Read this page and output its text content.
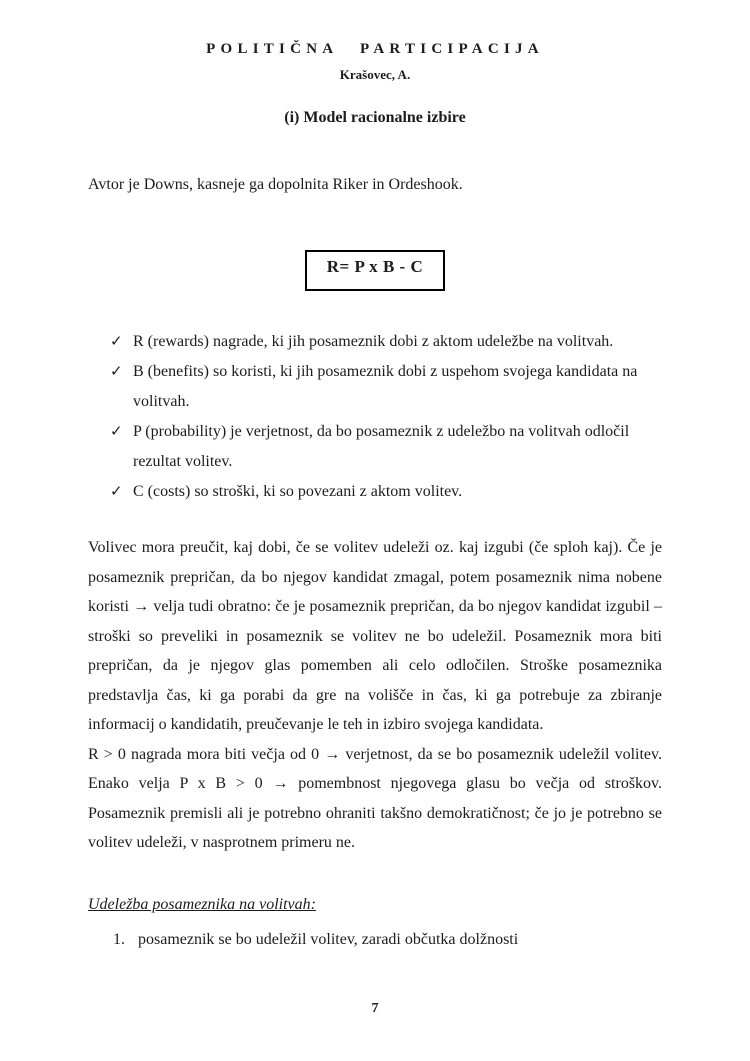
POLITIČNA PARTICIPACIJA
Krašovec, A.
(i) Model racionalne izbire

Avtor je Downs, kasneje ga dopolnita Riker in Ordeshook.

R= P x B - C
✓ R (rewards) nagrade, ki jih posameznik dobi z aktom udeležbe na volitvah.
✓ B (benefits) so koristi, ki jih posameznik dobi z uspehom svojega kandidata na volitvah.
✓ P (probability) je verjetnost, da bo posameznik z udeležbo na volitvah odločil rezultat volitev.
✓ C (costs) so stroški, ki so povezani z aktom volitev.

Volivec mora preučit, kaj dobi, če se volitev udeleži oz. kaj izgubi (če sploh kaj). Če je posameznik prepričan, da bo njegov kandidat zmagal, potem posameznik nima nobene koristi → velja tudi obratno: če je posameznik prepričan, da bo njegov kandidat izgubil – stroški so preveliki in posameznik se volitev ne bo udeležil. Posameznik mora biti prepričan, da je njegov glas pomemben ali celo odločilen. Stroške posameznika predstavlja čas, ki ga porabi da gre na volišče in čas, ki ga potrebuje za zbiranje informacij o kandidatih, preučevanje le teh in izbiro svojega kandidata.

R > 0 nagrada mora biti večja od 0 → verjetnost, da se bo posameznik udeležil volitev. Enako velja P x B > 0 → pomembnost njegovega glasu bo večja od stroškov. Posameznik premisli ali je potrebno ohraniti takšno demokratičnost; če jo je potrebno se volitev udeleži, v nasprotnem primeru ne.

Udeležba posameznika na volitvah:
1. posameznik se bo udeležil volitev, zaradi občutka dolžnosti
7
